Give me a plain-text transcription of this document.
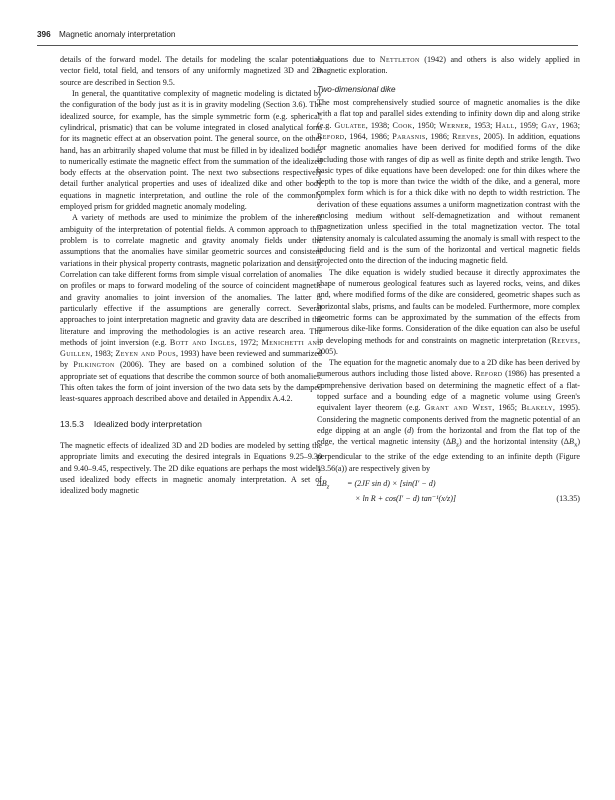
396 Magnetic anomaly interpretation

details of the forward model. The details for modeling the scalar potential, vector field, total field, and tensors of any uniformly magnetized 3D and 2D source are described in Section 9.5.

In general, the quantitative complexity of magnetic modeling is dictated by the configuration of the body just as it is in gravity modeling (Section 3.6). The idealized source, for example, has the simple symmetric form (e.g. spherical, cylindrical, prismatic) that can be volume integrated in closed analytical form for its magnetic effect at an observation point. The general source, on the other hand, has an arbitrarily shaped volume that must be filled in by idealized bodies to numerically estimate the magnetic effect from the summation of the idealized body effects at the observation point. The next two subsections respectively detail further analytical properties and uses of idealized dike and other body equations in magnetic interpretation, and outline the role of the commonly employed prism for gridded magnetic anomaly modeling.

A variety of methods are used to minimize the problem of the inherent ambiguity of the interpretation of potential fields. A common approach to this problem is to correlate magnetic and gravity anomaly fields under the assumptions that the anomalies have similar geometric sources and consistent variations in their physical property contrasts, magnetic polarization and density. Correlation can take different forms from simple visual correlation of anomalies on profiles or maps to forward modeling of the source of coincident magnetic and gravity anomalies to joint inversion of the anomalies. The latter is particularly effective if the assumptions are generally correct. Several approaches to joint interpretation magnetic and gravity data are described in the literature and improving the methodologies is an active research area. The methods of joint inversion (e.g. Bott and Ingles, 1972; Menichetti and Guillen, 1983; Zeyen and Pous, 1993) have been reviewed and summarized by Pilkington (2006). They are based on a combined solution of the appropriate set of equations that describe the common source of both anomalies. This often takes the form of joint inversion of the two data sets by the damped least-squares approach described above and detailed in Appendix A.4.2.

13.5.3 Idealized body interpretation

The magnetic effects of idealized 3D and 2D bodies are modeled by setting the appropriate limits and executing the desired integrals in Equations 9.25–9.30 and 9.40–9.45, respectively. The 2D dike equations are perhaps the most widely used idealized body effects in magnetic anomaly interpretation. A set of idealized body magnetic

equations due to Nettleton (1942) and others is also widely applied in magnetic exploration.

Two-dimensional dike

The most comprehensively studied source of magnetic anomalies is the dike with a flat top and parallel sides extending to infinity down dip and along strike (e.g. Gulatee, 1938; Cook, 1950; Werner, 1953; Hall, 1959; Gay, 1963; Reford, 1964, 1986; Parasnis, 1986; Reeves, 2005). In addition, equations for magnetic anomalies have been derived for modified forms of the dike including those with ranges of dip as well as finite depth and strike length. Two basic types of dike equations have been developed: one for thin dikes where the depth to the top is more than twice the width of the dike, and a general, more complex form which is for a thick dike with no depth to width restriction. The derivation of these equations assumes a uniform magnetization contrast with the enclosing medium without self-demagnetization and without remanent magnetization unless specified in the total magnetization vector. The total intensity anomaly is calculated assuming the anomaly is small with respect to the inducing field and is the sum of the horizontal and vertical magnetic fields projected onto the direction of the inducing magnetic field.

The dike equation is widely studied because it directly approximates the shape of numerous geological features such as layered rocks, veins, and dikes and, where modified forms of the dike are considered, geometric shapes such as horizontal slabs, prisms, and faults can be modeled. Furthermore, more complex geometric forms can be approximated by the summation of the effects from numerous dike-like forms. Consideration of the dike equation can also be useful in developing methods for and constraints on magnetic interpretation (Reeves, 2005).

The equation for the magnetic anomaly due to a 2D dike has been derived by numerous authors including those listed above. Reford (1986) has presented a comprehensive derivation based on determining the magnetic effect of a flat-topped surface and a bounding edge of a magnetic volume using Green's equivalent layer theorem (e.g. Grant and West, 1965; Blakely, 1995). Considering the magnetic components derived from the magnetic potential of an edge dipping at an angle (d) from the horizontal and from the flat top of the edge, the vertical magnetic intensity $(\Delta B_z)$ and the horizontal intensity $(\Delta B_x)$ perpendicular to the strike of the edge extending to an infinite depth (Figure 13.56(a)) are respectively given by

$\Delta B_z = (2JF$ sin d) × [sin(I′ − d)
× ln R + cos(I′ − d) tan⁻¹(x/z)]	(13.35)
